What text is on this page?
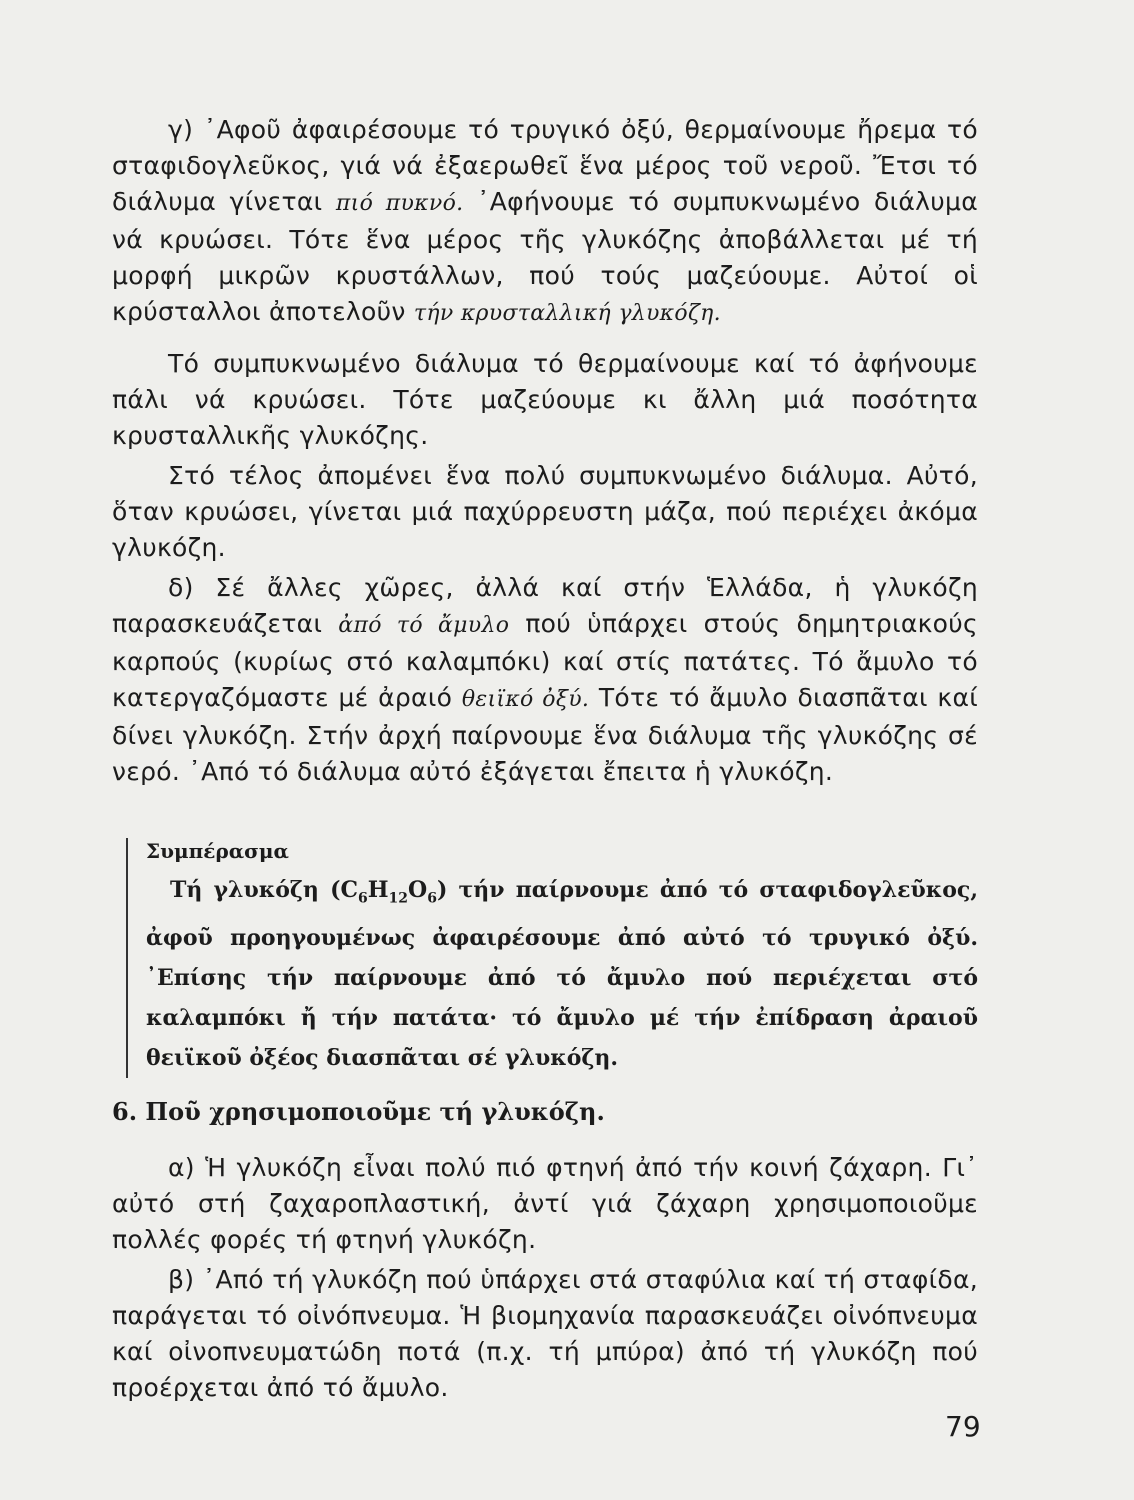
γ) ᾿Αφοῦ ἀφαιρέσουμε τό τρυγικό ὀξύ, θερμαίνουμε ἤρεμα τό σταφιδογλεῦκος, γιά νά ἐξαερωθεῖ ἕνα μέρος τοῦ νεροῦ. Ἔτσι τό διάλυμα γίνεται πιό πυκνό. ᾿Αφήνουμε τό συμπυκνωμένο διάλυμα νά κρυώσει. Τότε ἕνα μέρος τῆς γλυκόζης ἀποβάλλεται μέ τή μορφή μικρῶν κρυστάλλων, πού τούς μαζεύουμε. Αὐτοί οἱ κρύσταλλοι ἀποτελοῦν τήν κρυσταλλική γλυκόζη.

Τό συμπυκνωμένο διάλυμα τό θερμαίνουμε καί τό ἀφήνουμε πάλι νά κρυώσει. Τότε μαζεύουμε κι ἄλλη μιά ποσότητα κρυσταλλικῆς γλυκόζης.

Στό τέλος ἀπομένει ἕνα πολύ συμπυκνωμένο διάλυμα. Αὐτό, ὅταν κρυώσει, γίνεται μιά παχύρρευστη μάζα, πού περιέχει ἀκόμα γλυκόζη.

δ) Σέ ἄλλες χῶρες, ἀλλά καί στήν Ἑλλάδα, ἡ γλυκόζη παρασκευάζεται ἀπό τό ἄμυλο πού ὑπάρχει στούς δημητριακούς καρπούς (κυρίως στό καλαμπόκι) καί στίς πατάτες. Τό ἄμυλο τό κατεργαζόμαστε μέ ἀραιό θειϊκό ὀξύ. Τότε τό ἄμυλο διασπᾶται καί δίνει γλυκόζη. Στήν ἀρχή παίρνουμε ἕνα διάλυμα τῆς γλυκόζης σέ νερό. ᾿Από τό διάλυμα αὐτό ἐξάγεται ἔπειτα ἡ γλυκόζη.

Συμπέρασμα

Τή γλυκόζη $(C_6H_{12}O_6)$ τήν παίρνουμε ἀπό τό σταφιδογλεῦκος, ἀφοῦ προηγουμένως ἀφαιρέσουμε ἀπό αὐτό τό τρυγικό ὀξύ. ᾿Επίσης τήν παίρνουμε ἀπό τό ἄμυλο πού περιέχεται στό καλαμπόκι ἤ τήν πατάτα· τό ἄμυλο μέ τήν ἐπίδραση ἀραιοῦ θειϊκοῦ ὀξέος διασπᾶται σέ γλυκόζη.

6. Ποῦ χρησιμοποιοῦμε τή γλυκόζη.

α) Ἡ γλυκόζη εἶναι πολύ πιό φτηνή ἀπό τήν κοινή ζάχαρη. Γι᾿ αὐτό στή ζαχαροπλαστική, ἀντί γιά ζάχαρη χρησιμοποιοῦμε πολλές φορές τή φτηνή γλυκόζη.

β) ᾿Από τή γλυκόζη πού ὑπάρχει στά σταφύλια καί τή σταφίδα, παράγεται τό οἰνόπνευμα. Ἡ βιομηχανία παρασκευάζει οἰνόπνευμα καί οἰνοπνευματώδη ποτά (π.χ. τή μπύρα) ἀπό τή γλυκόζη πού προέρχεται ἀπό τό ἄμυλο.

79
